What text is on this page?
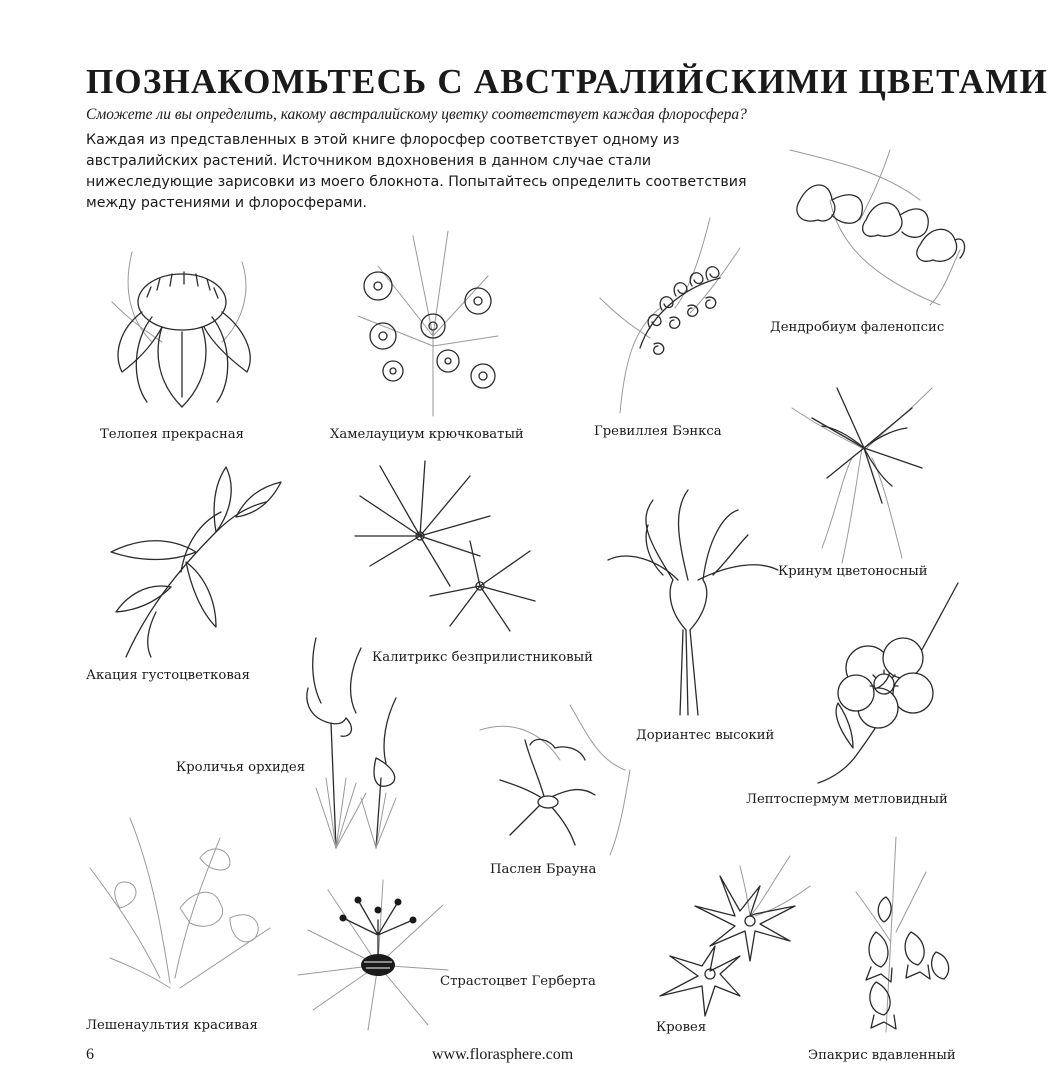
ПОЗНАКОМЬТЕСЬ С АВСТРАЛИЙСКИМИ ЦВЕТАМИ

Сможете ли вы определить, какому австралийскому цветку соответствует каждая флоросфера?

Каждая из представленных в этой книге флоросфер соответствует одному из австралийских растений. Источником вдохновения в данном случае стали нижеследующие зарисовки из моего блокнота. Попытайтесь определить соответствия между растениями и флоросферами.

Телопея прекрасная	Хамелауциум крючковатый	Гревиллея Бэнкса
Дендробиум фаленопсис
Кринум цветоносный
Акация густоцветковая
Калитрикс безприлистниковый
Дориантес высокий
Лептоспермум метловидный
Кроличья орхидея
Паслен Брауна
Лешенаультия красивая
Страстоцвет Герберта
Кровея
Эпакрис вдавленный
6	www.florasphere.com
